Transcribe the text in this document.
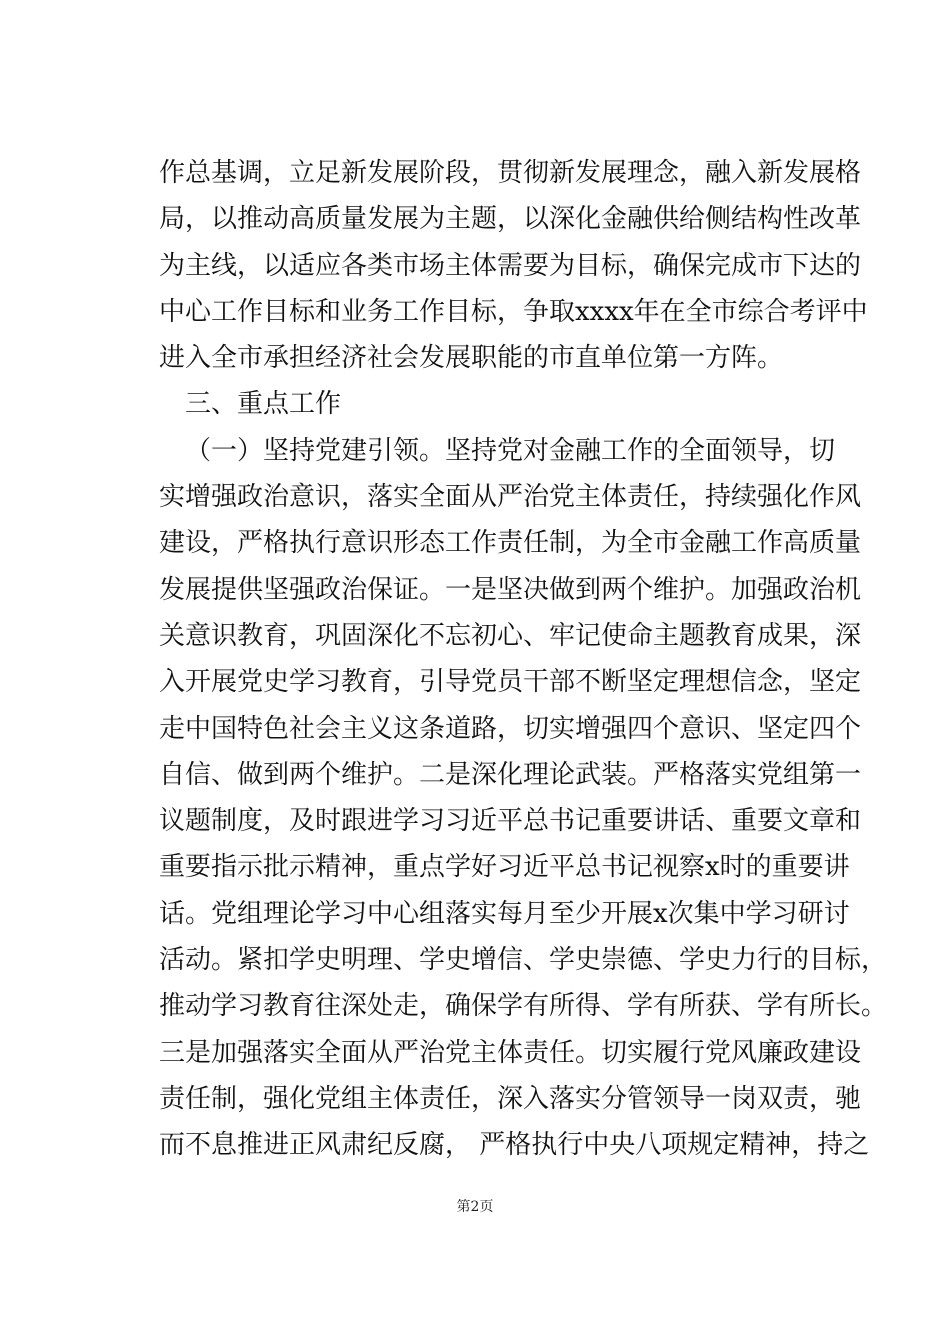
作总基调，立足新发展阶段，贯彻新发展理念，融入新发展格
局，以推动高质量发展为主题，以深化金融供给侧结构性改革
为主线，以适应各类市场主体需要为目标，确保完成市下达的
中心工作目标和业务工作目标，争取xxxx年在全市综合考评中
进入全市承担经济社会发展职能的市直单位第一方阵。
三、重点工作
（一）坚持党建引领。坚持党对金融工作的全面领导，切
实增强政治意识，落实全面从严治党主体责任，持续强化作风
建设，严格执行意识形态工作责任制，为全市金融工作高质量
发展提供坚强政治保证。一是坚决做到两个维护。加强政治机
关意识教育，巩固深化不忘初心、牢记使命主题教育成果，深
入开展党史学习教育，引导党员干部不断坚定理想信念，坚定
走中国特色社会主义这条道路，切实增强四个意识、坚定四个
自信、做到两个维护。二是深化理论武装。严格落实党组第一
议题制度，及时跟进学习习近平总书记重要讲话、重要文章和
重要指示批示精神，重点学好习近平总书记视察x时的重要讲
话。党组理论学习中心组落实每月至少开展x次集中学习研讨
活动。紧扣学史明理、学史增信、学史崇德、学史力行的目标，
推动学习教育往深处走，确保学有所得、学有所获、学有所长。
三是加强落实全面从严治党主体责任。切实履行党风廉政建设
责任制，强化党组主体责任，深入落实分管领导一岗双责，驰
而不息推进正风肃纪反腐， 严格执行中央八项规定精神，持之
第2页
